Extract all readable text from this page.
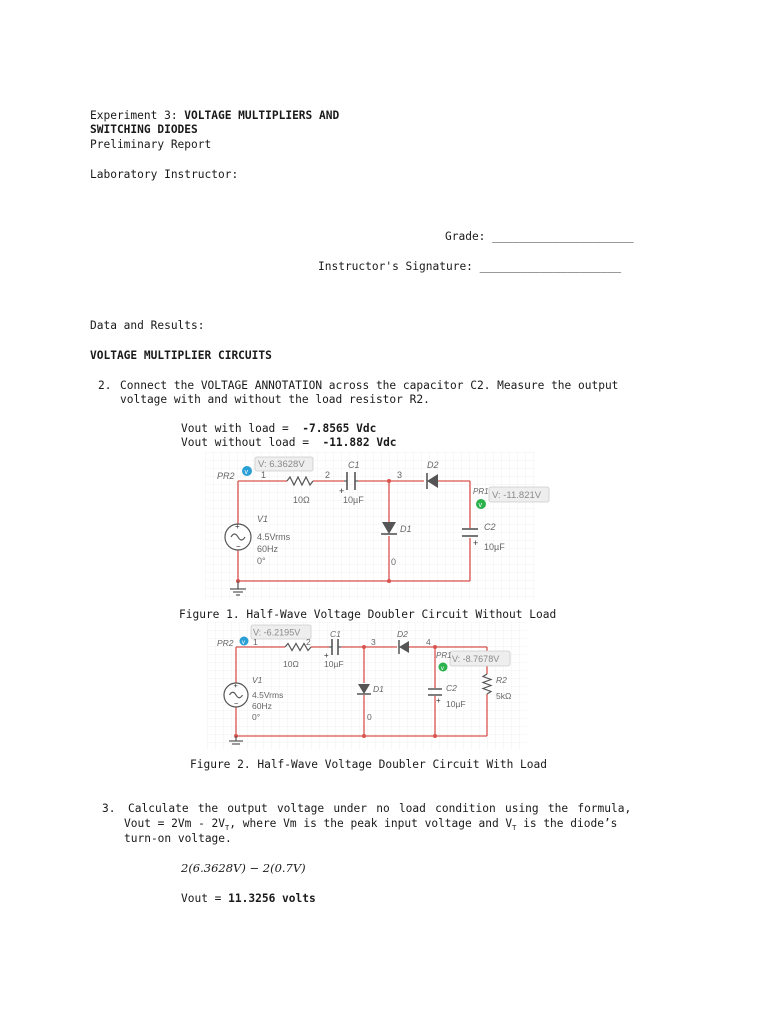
Experiment 3: VOLTAGE MULTIPLIERS AND
SWITCHING DIODES
Preliminary Report
Laboratory Instructor:
Grade: _____________________
Instructor's Signature: _____________________
Data and Results:
VOLTAGE MULTIPLIER CIRCUITS
2. Connect the VOLTAGE ANNOTATION across the capacitor C2. Measure the output
voltage with and without the load resistor R2.
Vout with load =  -7.8565 Vdc
Vout without load =  -11.882 Vdc
+
+
+
−
v
V: 6.3628V
PR2
v
V: -11.821V
PR1
1	2	3
0
10Ω
C1
10µF
D2
D1	C2
10µF
V1
4.5Vrms
60Hz
0°
Figure 1. Half-Wave Voltage Doubler Circuit Without Load
+
+
+
−
v
V: -6.2195V
PR2
v
V: -8.7678V
PR1
1	2	3	4
0
10Ω
C1
10µF
D2
D1	C2
10µF
R2
5kΩ
V1
4.5Vrms
60Hz
0°
Figure 2. Half-Wave Voltage Doubler Circuit With Load
3. Calculate the output voltage under no load condition using the formula,
Vout = $2Vm - 2V_T$, where Vm is the peak input voltage and $V_T$ is the diode’s
turn-on voltage.
2(6.3628V) − 2(0.7V)
Vout = 11.3256 volts
